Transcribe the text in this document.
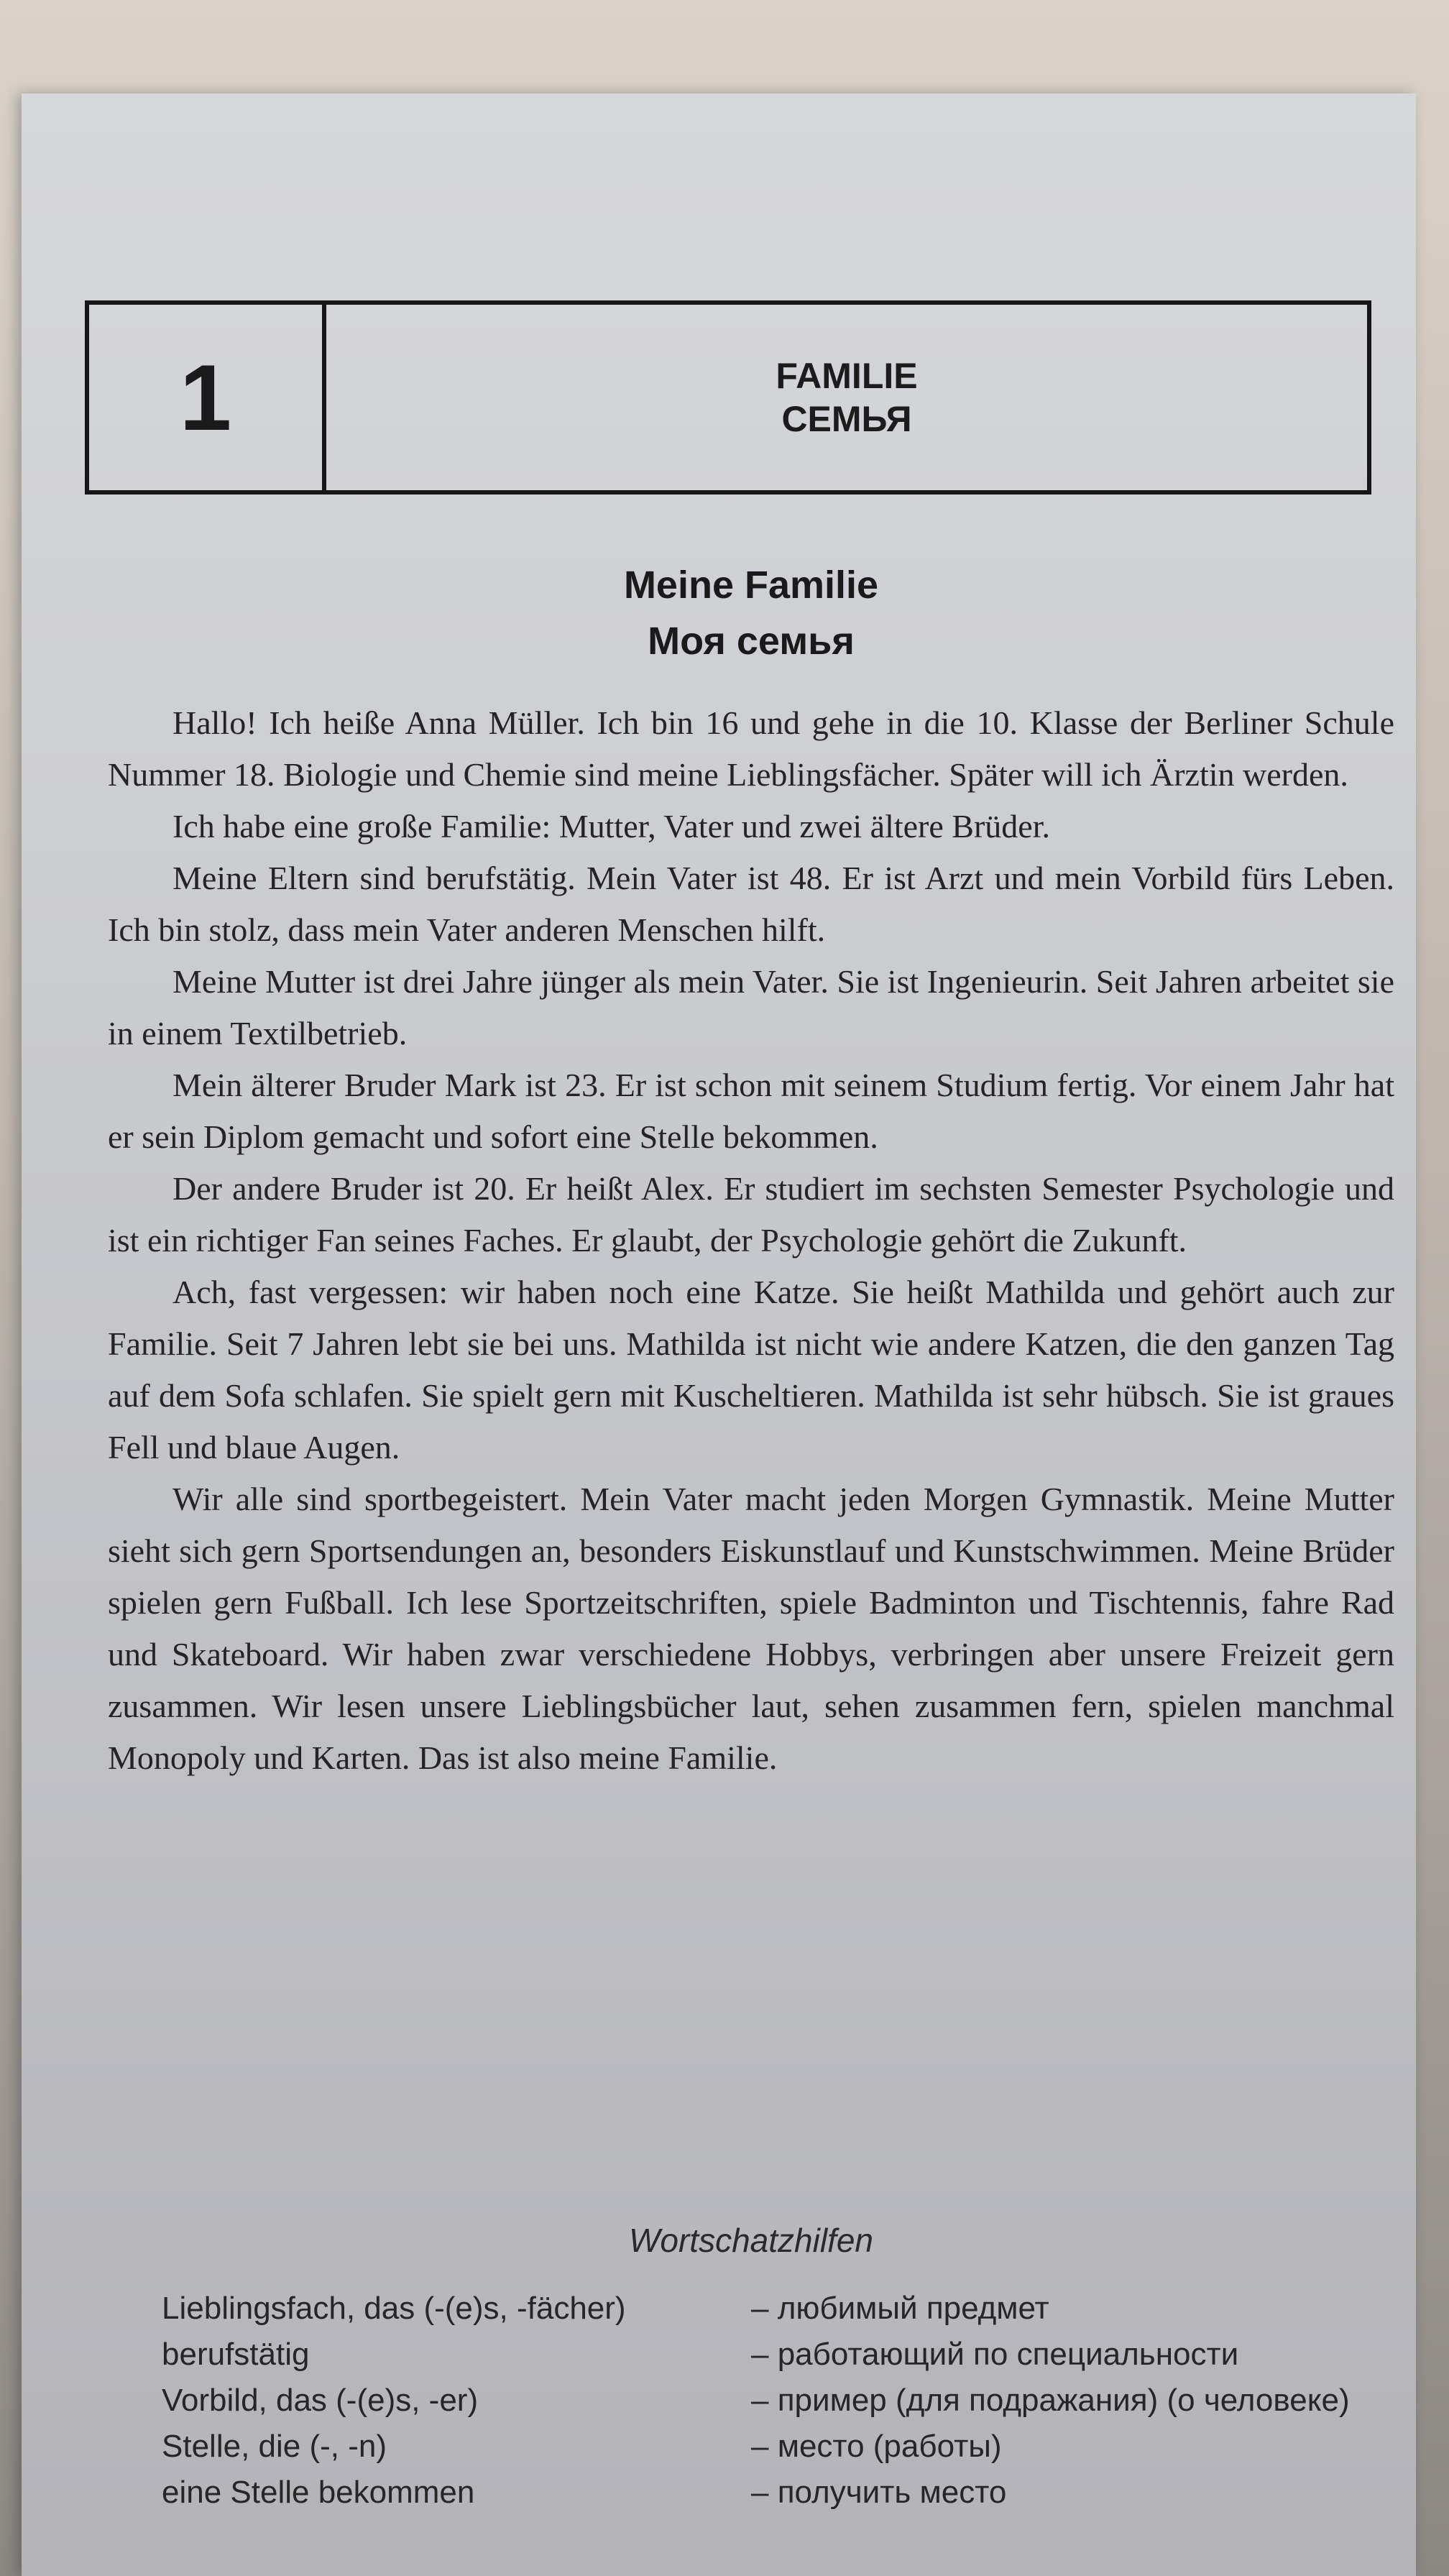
1	FAMILIE
СЕМЬЯ
Meine Familie
Моя семья

Hallo! Ich heiße Anna Müller. Ich bin 16 und gehe in die 10. Klasse der Berliner Schule Nummer 18. Biologie und Chemie sind meine Lieblingsfächer. Später will ich Ärztin werden.

Ich habe eine große Familie: Mutter, Vater und zwei ältere Brüder.

Meine Eltern sind berufstätig. Mein Vater ist 48. Er ist Arzt und mein Vorbild fürs Leben. Ich bin stolz, dass mein Vater anderen Menschen hilft.

Meine Mutter ist drei Jahre jünger als mein Vater. Sie ist Ingenieurin. Seit Jahren arbeitet sie in einem Textilbetrieb.

Mein älterer Bruder Mark ist 23. Er ist schon mit seinem Studium fertig. Vor einem Jahr hat er sein Diplom gemacht und sofort eine Stelle bekommen.

Der andere Bruder ist 20. Er heißt Alex. Er studiert im sechsten Semester Psychologie und ist ein richtiger Fan seines Faches. Er glaubt, der Psychologie gehört die Zukunft.

Ach, fast vergessen: wir haben noch eine Katze. Sie heißt Mathilda und gehört auch zur Familie. Seit 7 Jahren lebt sie bei uns. Mathilda ist nicht wie andere Katzen, die den ganzen Tag auf dem Sofa schlafen. Sie spielt gern mit Kuscheltieren. Mathilda ist sehr hübsch. Sie ist graues Fell und blaue Augen.

Wir alle sind sportbegeistert. Mein Vater macht jeden Morgen Gymnastik. Meine Mutter sieht sich gern Sportsendungen an, besonders Eiskunstlauf und Kunstschwimmen. Meine Brüder spielen gern Fußball. Ich lese Sportzeitschriften, spiele Badminton und Tischtennis, fahre Rad und Skateboard. Wir haben zwar verschiedene Hobbys, verbringen aber unsere Freizeit gern zusammen. Wir lesen unsere Lieblingsbücher laut, sehen zusammen fern, spielen manchmal Monopoly und Karten. Das ist also meine Familie.

Wortschatzhilfen
Lieblingsfach, das (-(e)s, -fächer)	– любимый предмет
berufstätig	– работающий по специальности
Vorbild, das (-(e)s, -er)	– пример (для подражания) (о человеке)
Stelle, die (-, -n)	– место (работы)
eine Stelle bekommen	– получить место
